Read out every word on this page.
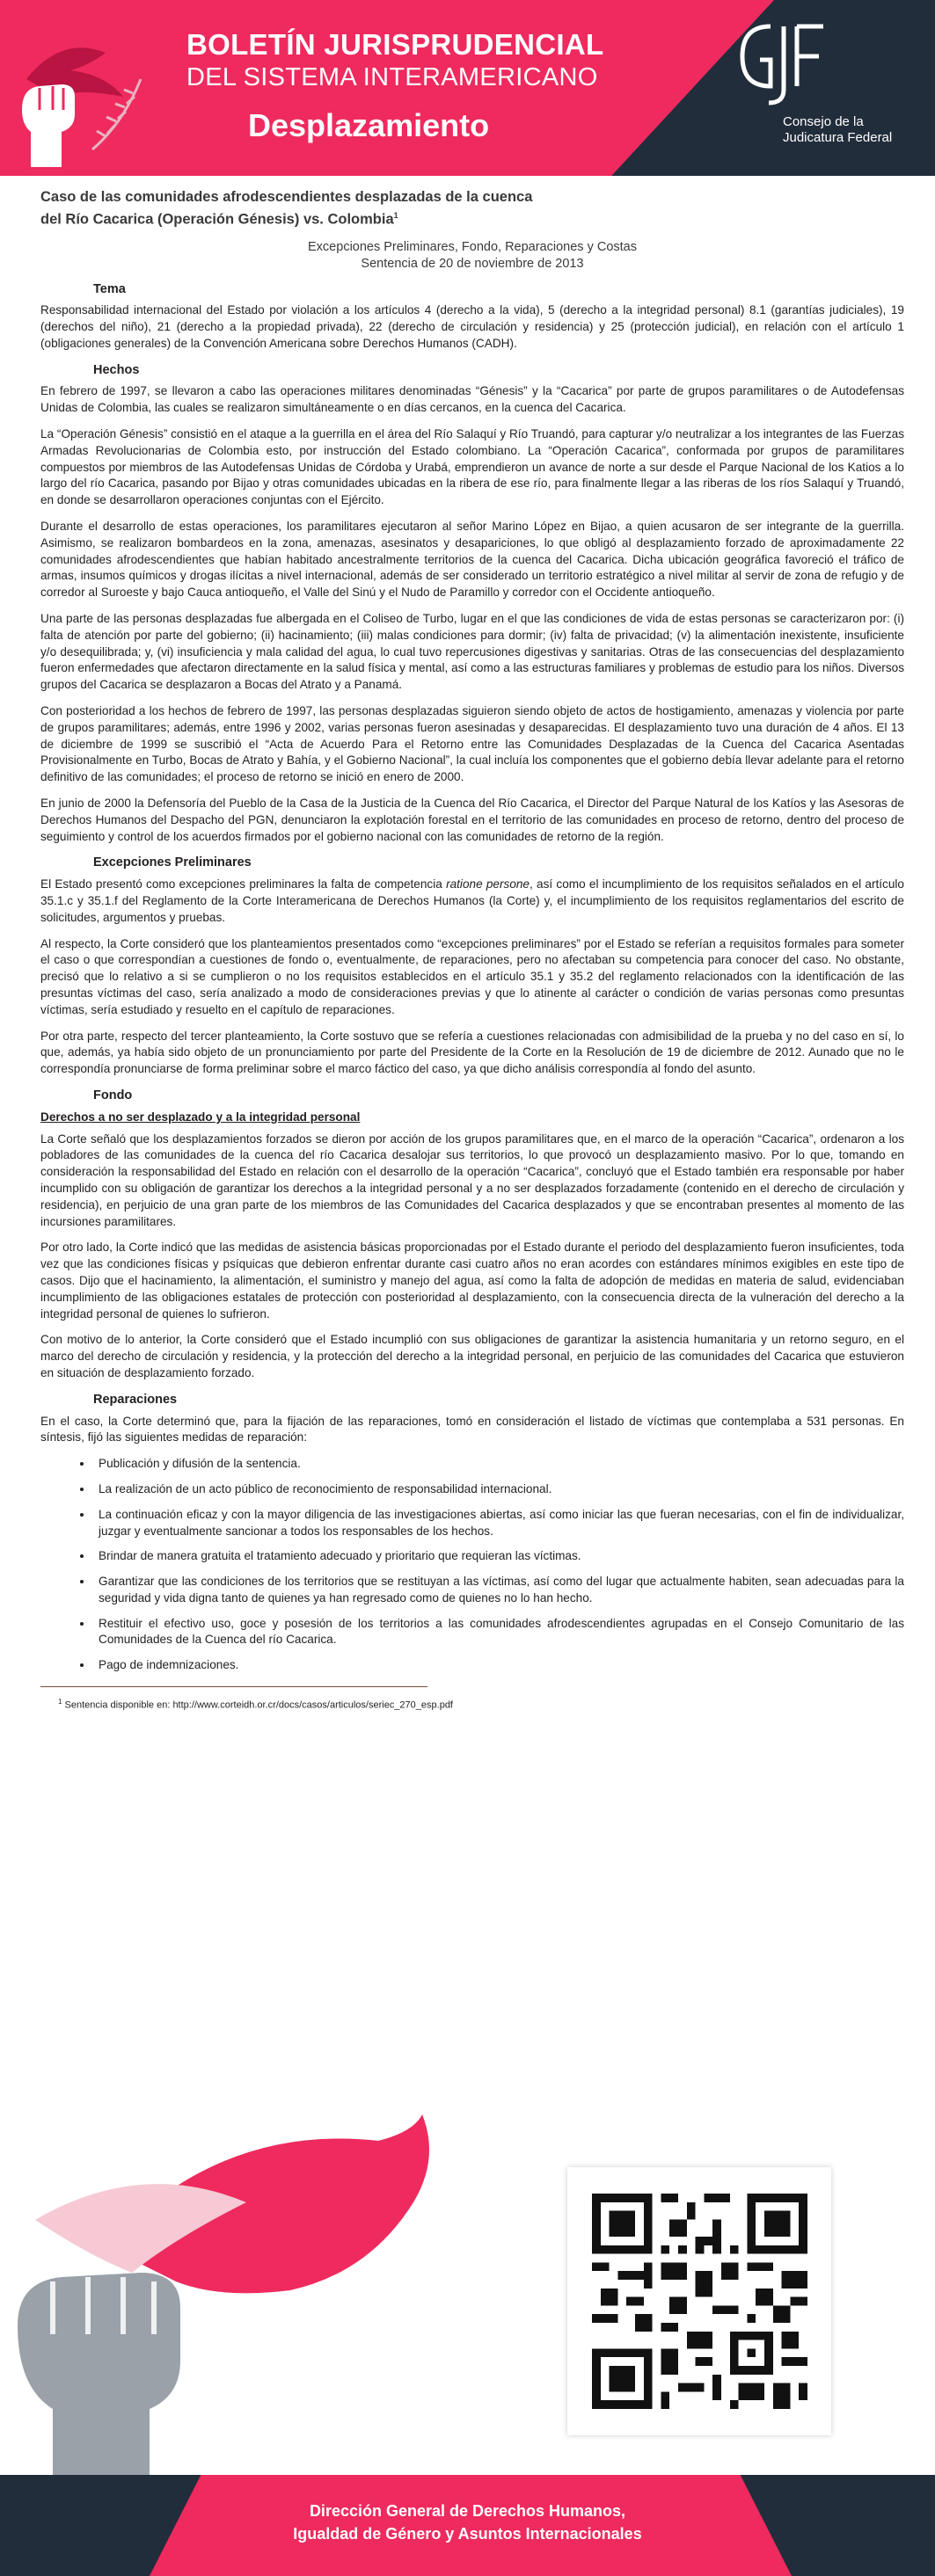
BOLETÍN JURISPRUDENCIAL
DEL SISTEMA INTERAMERICANO
Desplazamiento	Consejo de la
Judicatura Federal

Caso de las comunidades afrodescendientes desplazadas de la cuenca
del Río Cacarica (Operación Génesis) vs. Colombia$^1$

Excepciones Preliminares, Fondo, Reparaciones y Costas
Sentencia de 20 de noviembre de 2013
Tema

Responsabilidad internacional del Estado por violación a los artículos 4 (derecho a la vida), 5 (derecho a la integridad personal) 8.1 (garantías judiciales), 19 (derechos del niño), 21 (derecho a la propiedad privada), 22 (derecho de circulación y residencia) y 25 (protección judicial), en relación con el artículo 1 (obligaciones generales) de la Convención Americana sobre Derechos Humanos (CADH).

Hechos

En febrero de 1997, se llevaron a cabo las operaciones militares denominadas “Génesis” y la “Cacarica” por parte de grupos paramilitares o de Autodefensas Unidas de Colombia, las cuales se realizaron simultáneamente o en días cercanos, en la cuenca del Cacarica.

La “Operación Génesis” consistió en el ataque a la guerrilla en el área del Río Salaquí y Río Truandó, para capturar y/o neutralizar a los integrantes de las Fuerzas Armadas Revolucionarias de Colombia esto, por instrucción del Estado colombiano. La “Operación Cacarica”, conformada por grupos de paramilitares compuestos por miembros de las Autodefensas Unidas de Córdoba y Urabá, emprendieron un avance de norte a sur desde el Parque Nacional de los Katios a lo largo del río Cacarica, pasando por Bijao y otras comunidades ubicadas en la ribera de ese río, para finalmente llegar a las riberas de los ríos Salaquí y Truandó, en donde se desarrollaron operaciones conjuntas con el Ejército.

Durante el desarrollo de estas operaciones, los paramilitares ejecutaron al señor Marino López en Bijao, a quien acusaron de ser integrante de la guerrilla. Asimismo, se realizaron bombardeos en la zona, amenazas, asesinatos y desapariciones, lo que obligó al desplazamiento forzado de aproximadamente 22 comunidades afrodescendientes que habían habitado ancestralmente territorios de la cuenca del Cacarica. Dicha ubicación geográfica favoreció el tráfico de armas, insumos químicos y drogas ilícitas a nivel internacional, además de ser considerado un territorio estratégico a nivel militar al servir de zona de refugio y de corredor al Suroeste y bajo Cauca antioqueño, el Valle del Sinú y el Nudo de Paramillo y corredor con el Occidente antioqueño.

Una parte de las personas desplazadas fue albergada en el Coliseo de Turbo, lugar en el que las condiciones de vida de estas personas se caracterizaron por: (i) falta de atención por parte del gobierno; (ii) hacinamiento; (iii) malas condiciones para dormir; (iv) falta de privacidad; (v) la alimentación inexistente, insuficiente y/o desequilibrada; y, (vi) insuficiencia y mala calidad del agua, lo cual tuvo repercusiones digestivas y sanitarias. Otras de las consecuencias del desplazamiento fueron enfermedades que afectaron directamente en la salud física y mental, así como a las estructuras familiares y problemas de estudio para los niños. Diversos grupos del Cacarica se desplazaron a Bocas del Atrato y a Panamá.

Con posterioridad a los hechos de febrero de 1997, las personas desplazadas siguieron siendo objeto de actos de hostigamiento, amenazas y violencia por parte de grupos paramilitares; además, entre 1996 y 2002, varias personas fueron asesinadas y desaparecidas. El desplazamiento tuvo una duración de 4 años. El 13 de diciembre de 1999 se suscribió el “Acta de Acuerdo Para el Retorno entre las Comunidades Desplazadas de la Cuenca del Cacarica Asentadas Provisionalmente en Turbo, Bocas de Atrato y Bahía, y el Gobierno Nacional”, la cual incluía los componentes que el gobierno debía llevar adelante para el retorno definitivo de las comunidades; el proceso de retorno se inició en enero de 2000.

En junio de 2000 la Defensoría del Pueblo de la Casa de la Justicia de la Cuenca del Río Cacarica, el Director del Parque Natural de los Katíos y las Asesoras de Derechos Humanos del Despacho del PGN, denunciaron la explotación forestal en el territorio de las comunidades en proceso de retorno, dentro del proceso de seguimiento y control de los acuerdos firmados por el gobierno nacional con las comunidades de retorno de la región.

Excepciones Preliminares

El Estado presentó como excepciones preliminares la falta de competencia ratione persone, así como el incumplimiento de los requisitos señalados en el artículo 35.1.c y 35.1.f del Reglamento de la Corte Interamericana de Derechos Humanos (la Corte) y, el incumplimiento de los requisitos reglamentarios del escrito de solicitudes, argumentos y pruebas.

Al respecto, la Corte consideró que los planteamientos presentados como “excepciones preliminares” por el Estado se referían a requisitos formales para someter el caso o que correspondían a cuestiones de fondo o, eventualmente, de reparaciones, pero no afectaban su competencia para conocer del caso. No obstante, precisó que lo relativo a si se cumplieron o no los requisitos establecidos en el artículo 35.1 y 35.2 del reglamento relacionados con la identificación de las presuntas víctimas del caso, sería analizado a modo de consideraciones previas y que lo atinente al carácter o condición de varias personas como presuntas víctimas, sería estudiado y resuelto en el capítulo de reparaciones.

Por otra parte, respecto del tercer planteamiento, la Corte sostuvo que se refería a cuestiones relacionadas con admisibilidad de la prueba y no del caso en sí, lo que, además, ya había sido objeto de un pronunciamiento por parte del Presidente de la Corte en la Resolución de 19 de diciembre de 2012. Aunado que no le correspondía pronunciarse de forma preliminar sobre el marco fáctico del caso, ya que dicho análisis correspondía al fondo del asunto.

Fondo
Derechos a no ser desplazado y a la integridad personal

La Corte señaló que los desplazamientos forzados se dieron por acción de los grupos paramilitares que, en el marco de la operación “Cacarica”, ordenaron a los pobladores de las comunidades de la cuenca del río Cacarica desalojar sus territorios, lo que provocó un desplazamiento masivo. Por lo que, tomando en consideración la responsabilidad del Estado en relación con el desarrollo de la operación “Cacarica”, concluyó que el Estado también era responsable por haber incumplido con su obligación de garantizar los derechos a la integridad personal y a no ser desplazados forzadamente (contenido en el derecho de circulación y residencia), en perjuicio de una gran parte de los miembros de las Comunidades del Cacarica desplazados y que se encontraban presentes al momento de las incursiones paramilitares.

Por otro lado, la Corte indicó que las medidas de asistencia básicas proporcionadas por el Estado durante el periodo del desplazamiento fueron insuficientes, toda vez que las condiciones físicas y psíquicas que debieron enfrentar durante casi cuatro años no eran acordes con estándares mínimos exigibles en este tipo de casos. Dijo que el hacinamiento, la alimentación, el suministro y manejo del agua, así como la falta de adopción de medidas en materia de salud, evidenciaban incumplimiento de las obligaciones estatales de protección con posterioridad al desplazamiento, con la consecuencia directa de la vulneración del derecho a la integridad personal de quienes lo sufrieron.

Con motivo de lo anterior, la Corte consideró que el Estado incumplió con sus obligaciones de garantizar la asistencia humanitaria y un retorno seguro, en el marco del derecho de circulación y residencia, y la protección del derecho a la integridad personal, en perjuicio de las comunidades del Cacarica que estuvieron en situación de desplazamiento forzado.

Reparaciones

En el caso, la Corte determinó que, para la fijación de las reparaciones, tomó en consideración el listado de víctimas que contemplaba a 531 personas. En síntesis, fijó las siguientes medidas de reparación:

• Publicación y difusión de la sentencia.
• La realización de un acto público de reconocimiento de responsabilidad internacional.
• La continuación eficaz y con la mayor diligencia de las investigaciones abiertas, así como iniciar las que fueran necesarias, con el fin de individualizar, juzgar y eventualmente sancionar a todos los responsables de los hechos.
• Brindar de manera gratuita el tratamiento adecuado y prioritario que requieran las víctimas.
• Garantizar que las condiciones de los territorios que se restituyan a las víctimas, así como del lugar que actualmente habiten, sean adecuadas para la seguridad y vida digna tanto de quienes ya han regresado como de quienes no lo han hecho.
• Restituir el efectivo uso, goce y posesión de los territorios a las comunidades afrodescendientes agrupadas en el Consejo Comunitario de las Comunidades de la Cuenca del río Cacarica.
• Pago de indemnizaciones.
$^1$ Sentencia disponible en: http://www.corteidh.or.cr/docs/casos/articulos/seriec_270_esp.pdf
Dirección General de Derechos Humanos,
Igualdad de Género y Asuntos Internacionales
